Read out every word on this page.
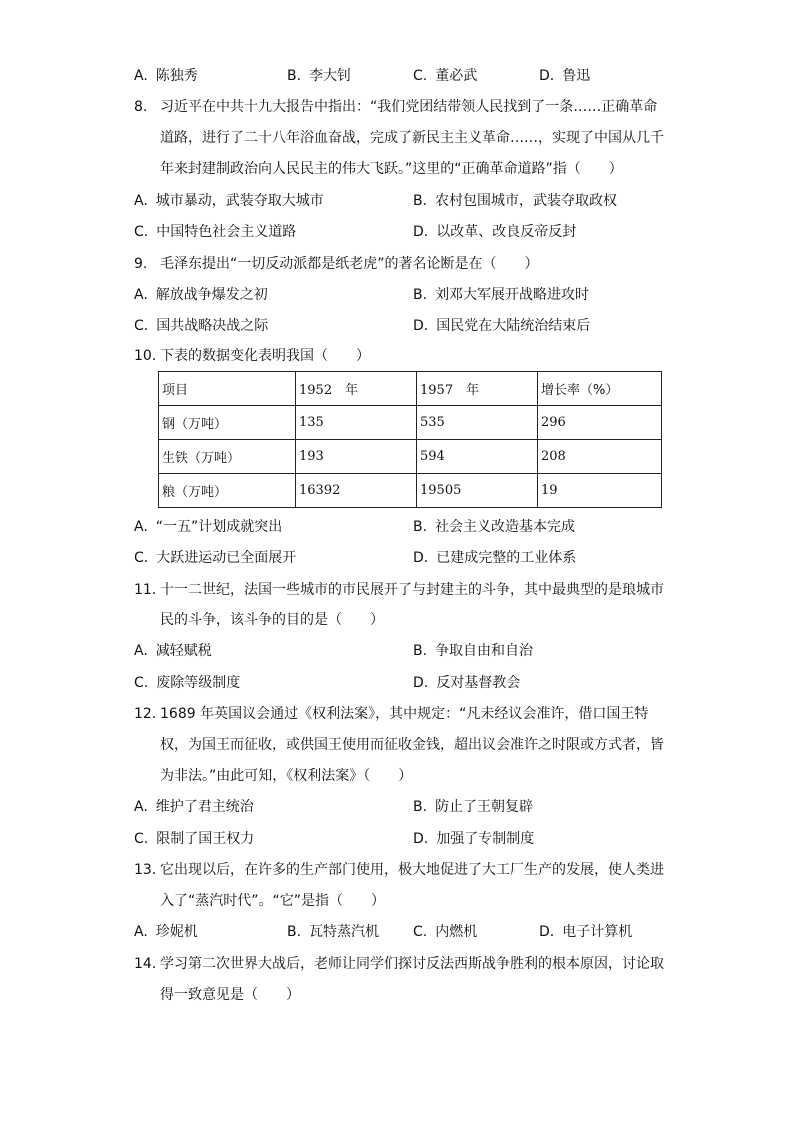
A. 陈独秀	B. 李大钊	C. 董必武	D. 鲁迅
8. 习近平在中共十九大报告中指出：“我们党团结带领人民找到了一条……正确革命
道路，进行了二十八年浴血奋战，完成了新民主主义革命……，实现了中国从几千
年来封建制政治向人民民主的伟大飞跃。”这里的“正确革命道路”指（　　）
A. 城市暴动，武装夺取大城市	B. 农村包围城市，武装夺取政权
C. 中国特色社会主义道路	D. 以改革、改良反帝反封
9. 毛泽东提出“一切反动派都是纸老虎”的著名论断是在（　　）
A. 解放战争爆发之初	B. 刘邓大军展开战略进攻时
C. 国共战略决战之际	D. 国民党在大陆统治结束后
10. 下表的数据变化表明我国（　　）
项目	1952　年	1957　年	增长率（%）
钢（万吨）	135	535	296
生铁（万吨）	193	594	208
粮（万吨）	16392	19505	19
A. “一五”计划成就突出	B. 社会主义改造基本完成
C. 大跃进运动已全面展开	D. 已建成完整的工业体系
11. 十一二世纪，法国一些城市的市民展开了与封建主的斗争，其中最典型的是琅城市
民的斗争，该斗争的目的是（　　）
A. 减轻赋税	B. 争取自由和自治
C. 废除等级制度	D. 反对基督教会
12. 1689 年英国议会通过《权利法案》，其中规定：“凡未经议会准许，借口国王特
权，为国王而征收，或供国王使用而征收金钱，超出议会准许之时限或方式者，皆
为非法。”由此可知，《权利法案》（　　）
A. 维护了君主统治	B. 防止了王朝复辟
C. 限制了国王权力	D. 加强了专制制度
13. 它出现以后，在许多的生产部门使用，极大地促进了大工厂生产的发展，使人类进
入了“蒸汽时代”。“它”是指（　　）
A. 珍妮机	B. 瓦特蒸汽机 C. 内燃机	D. 电子计算机
14. 学习第二次世界大战后，老师让同学们探讨反法西斯战争胜利的根本原因，讨论取
得一致意见是（　　）
